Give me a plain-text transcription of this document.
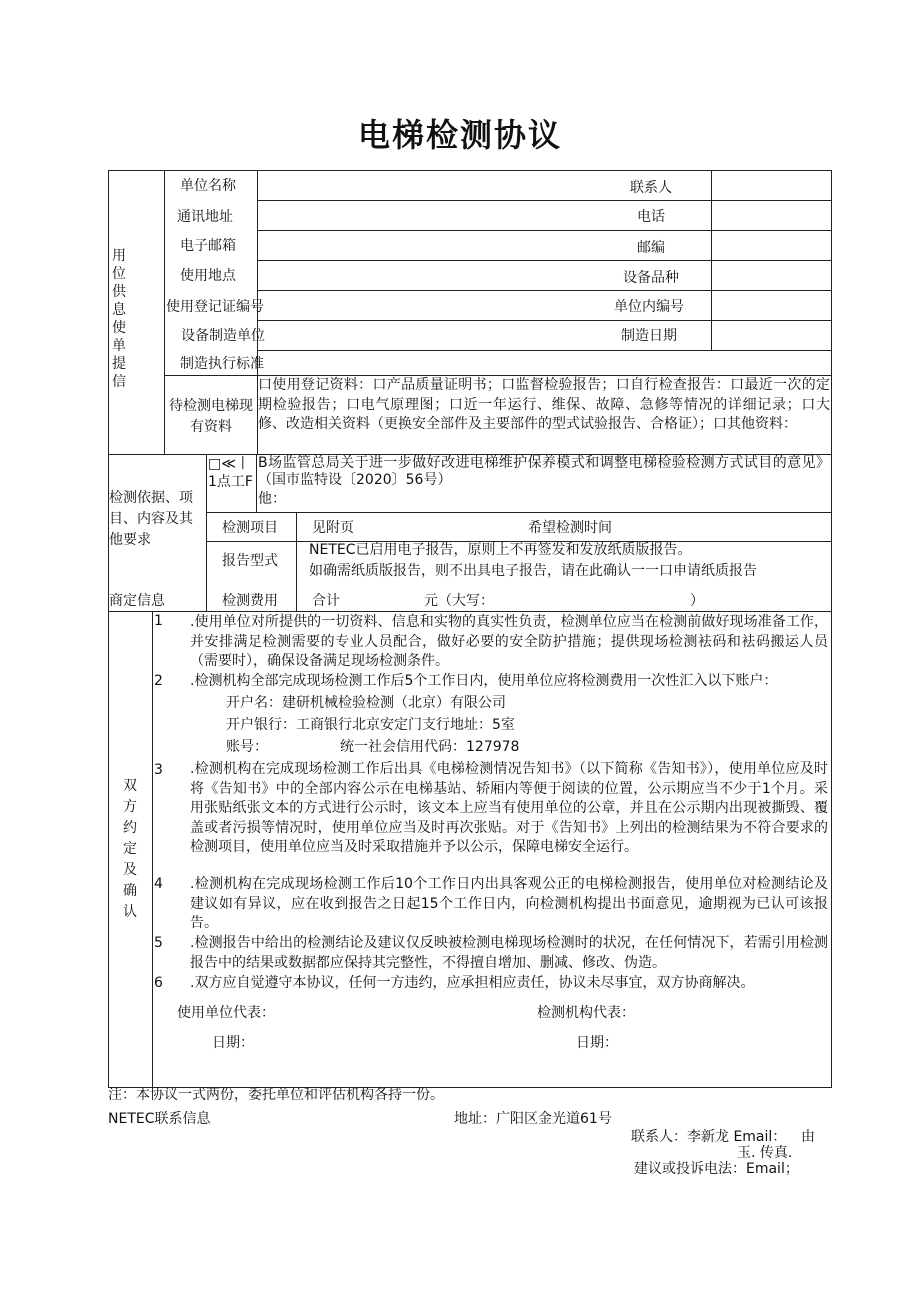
电梯检测协议
用位供息使单提信
单位名称	联系人
通讯地址	电话
电子邮箱	邮编
使用地点	设备品种
使用登记证编号	单位内编号
设备制造单位	制造日期
制造执行标准
待检测电梯现有资料
口使用登记资料：口产品质量证明书；口监督检验报告；口自行检查报告：口最近一次的定期检验报告；口电气原理图；口近一年运行、维保、故障、急修等情况的详细记录；口大修、改造相关资料（更换安全部件及主要部件的型式试验报告、合格证）；口其他资料：
检测依据、项目、内容及其他要求
□≪丨1点工F
B场监管总局关于进一步做好改进电梯维护保养模式和调整电梯检验检测方式试目的意见》（国市监特设〔2020〕56号）
他：
检测项目 见附页	希望检测时间
报告型式
NETEC已启用电子报告，原则上不再签发和发放纸质版报告。
如确需纸质版报告，则不出具电子报告，请在此确认一一口申请纸质报告
商定信息	检测费用 合计	元（大写：	）
双方约定及确认
1 .使用单位对所提供的一切资料、信息和实物的真实性负责，检测单位应当在检测前做好现场准备工作，并安排满足检测需要的专业人员配合，做好必要的安全防护措施；提供现场检测袪码和袪码搬运人员（需要时），确保设备满足现场检测条件。
2 .检测机构全部完成现场检测工作后5个工作日内，使用单位应将检测费用一次性汇入以下账户：
开户名：建研机械检验检测（北京）有限公司
开户银行：工商银行北京安定门支行地址：5室
账号：	统一社会信用代码：127978
3 .检测机构在完成现场检测工作后出具《电梯检测情况告知书》（以下简称《告知书》），使用单位应及时将《告知书》中的全部内容公示在电梯基站、轿厢内等便于阅读的位置，公示期应当不少于1个月。采用张贴纸张文本的方式进行公示时，该文本上应当有使用单位的公章，并且在公示期内出现被撕毁、覆盖或者污损等情况时，使用单位应当及时再次张贴。对于《告知书》上列出的检测结果为不符合要求的检测项目，使用单位应当及时采取措施并予以公示，保障电梯安全运行。
4 .检测机构在完成现场检测工作后10个工作日内出具客观公正的电梯检测报告，使用单位对检测结论及建议如有异议，应在收到报告之日起15个工作日内，向检测机构提出书面意见，逾期视为已认可该报告。
5 .检测报告中给出的检测结论及建议仅反映被检测电梯现场检测时的状况，在任何情况下，若需引用检测报告中的结果或数据都应保持其完整性，不得擅自增加、删减、修改、伪造。
6 .双方应自觉遵守本协议，任何一方违约，应承担相应责任，协议未尽事宜，双方协商解决。
使用单位代表：	检测机构代表：
日期：	日期：
注：本协议一式两份，委托单位和评估机构各持一份。
NETEC联系信息	地址：广阳区金光道61号
联系人：李新龙 Email： 由
玉. 传真.
建议或投诉电法：Email；
